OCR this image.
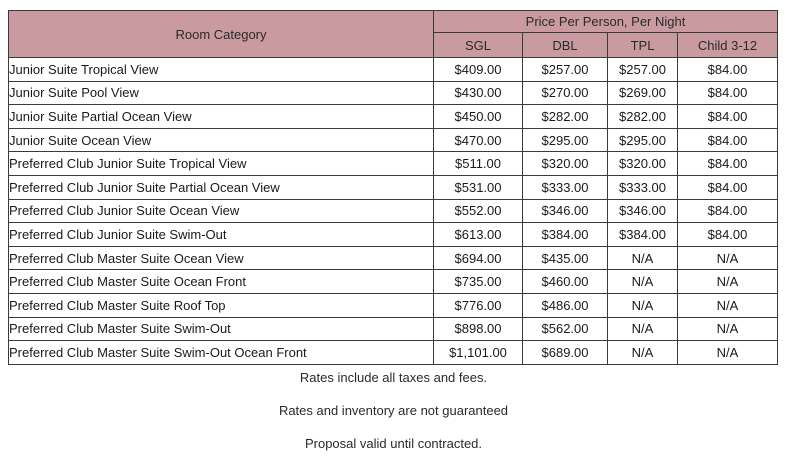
Room Category	Price Per Person, Per Night			
	SGL	DBL	TPL	Child 3-12
Junior Suite Tropical View	$409.00	$257.00	$257.00	$84.00
Junior Suite Pool View	$430.00	$270.00	$269.00	$84.00
Junior Suite Partial Ocean View	$450.00	$282.00	$282.00	$84.00
Junior Suite Ocean View	$470.00	$295.00	$295.00	$84.00
Preferred Club Junior Suite Tropical View	$511.00	$320.00	$320.00	$84.00
Preferred Club Junior Suite Partial Ocean View	$531.00	$333.00	$333.00	$84.00
Preferred Club Junior Suite Ocean View	$552.00	$346.00	$346.00	$84.00
Preferred Club Junior Suite Swim-Out	$613.00	$384.00	$384.00	$84.00
Preferred Club Master Suite Ocean View	$694.00	$435.00	N/A	N/A
Preferred Club Master Suite Ocean Front	$735.00	$460.00	N/A	N/A
Preferred Club Master Suite Roof Top	$776.00	$486.00	N/A	N/A
Preferred Club Master Suite Swim-Out	$898.00	$562.00	N/A	N/A
Preferred Club Master Suite Swim-Out Ocean Front	$1,101.00	$689.00	N/A	N/A

Rates include all taxes and fees.

Rates and inventory are not guaranteed

Proposal valid until contracted.
